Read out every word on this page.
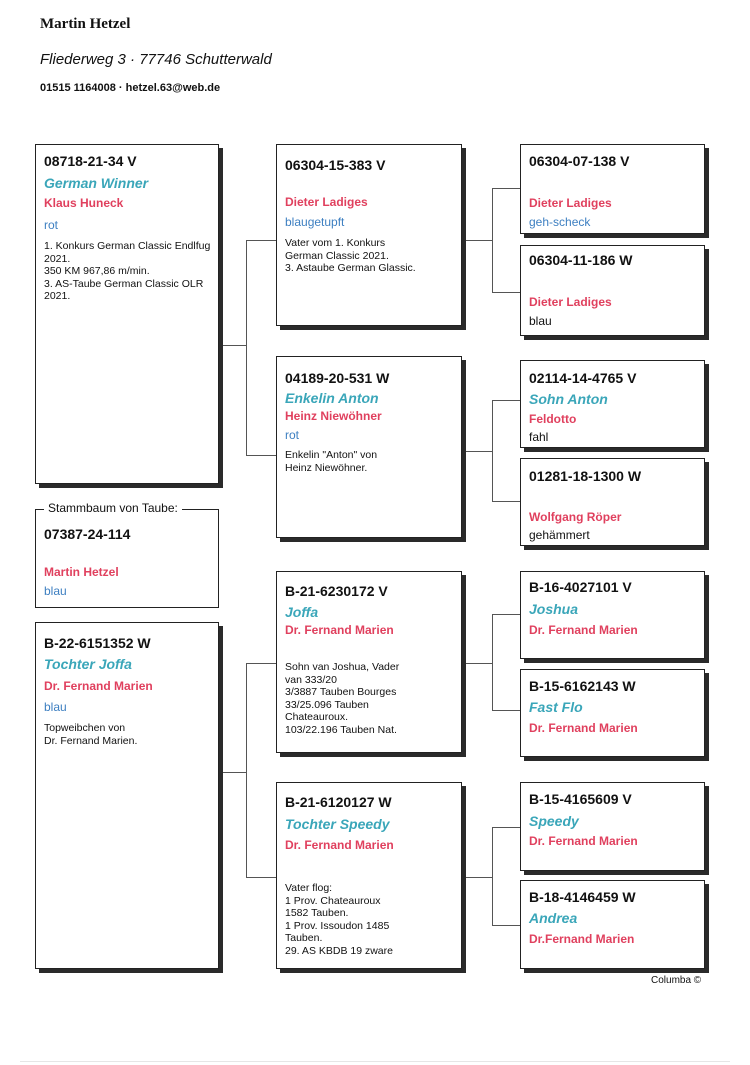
Martin Hetzel
Fliederweg 3 · 77746 Schutterwald
01515 1164008 · hetzel.63@web.de
08718-21-34 V
German Winner
Klaus Huneck
rot
1. Konkurs German Classic Endlfug 2021.
350 KM 967,86 m/min.
3. AS-Taube German Classic OLR 2021.
07387-24-114
Martin Hetzel
blau
Stammbaum von Taube:
B-22-6151352 W
Tochter Joffa
Dr. Fernand Marien
blau
Topweibchen von
Dr. Fernand Marien.
06304-15-383 V
Dieter Ladiges
blaugetupft
Vater vom 1. Konkurs
German Classic 2021.
3. Astaube German Glassic.
04189-20-531 W
Enkelin Anton
Heinz Niewöhner
rot
Enkelin "Anton" von
Heinz Niewöhner.
B-21-6230172 V
Joffa
Dr. Fernand Marien
Sohn van Joshua, Vader
van 333/20
3/3887 Tauben Bourges
33/25.096 Tauben
Chateauroux.
103/22.196 Tauben Nat.
B-21-6120127 W
Tochter Speedy
Dr. Fernand Marien
Vater flog:
1 Prov. Chateauroux
1582 Tauben.
1 Prov. Issoudon 1485
Tauben.
29. AS KBDB 19 zware
06304-07-138 V
Dieter Ladiges
geh-scheck
06304-11-186 W
Dieter Ladiges
blau
02114-14-4765 V
Sohn Anton
Feldotto
fahl
01281-18-1300 W
Wolfgang Röper
gehämmert
B-16-4027101 V
Joshua
Dr. Fernand Marien
B-15-6162143 W
Fast Flo
Dr. Fernand Marien
B-15-4165609 V
Speedy
Dr. Fernand Marien
B-18-4146459 W
Andrea
Dr.Fernand Marien
Columba ©
